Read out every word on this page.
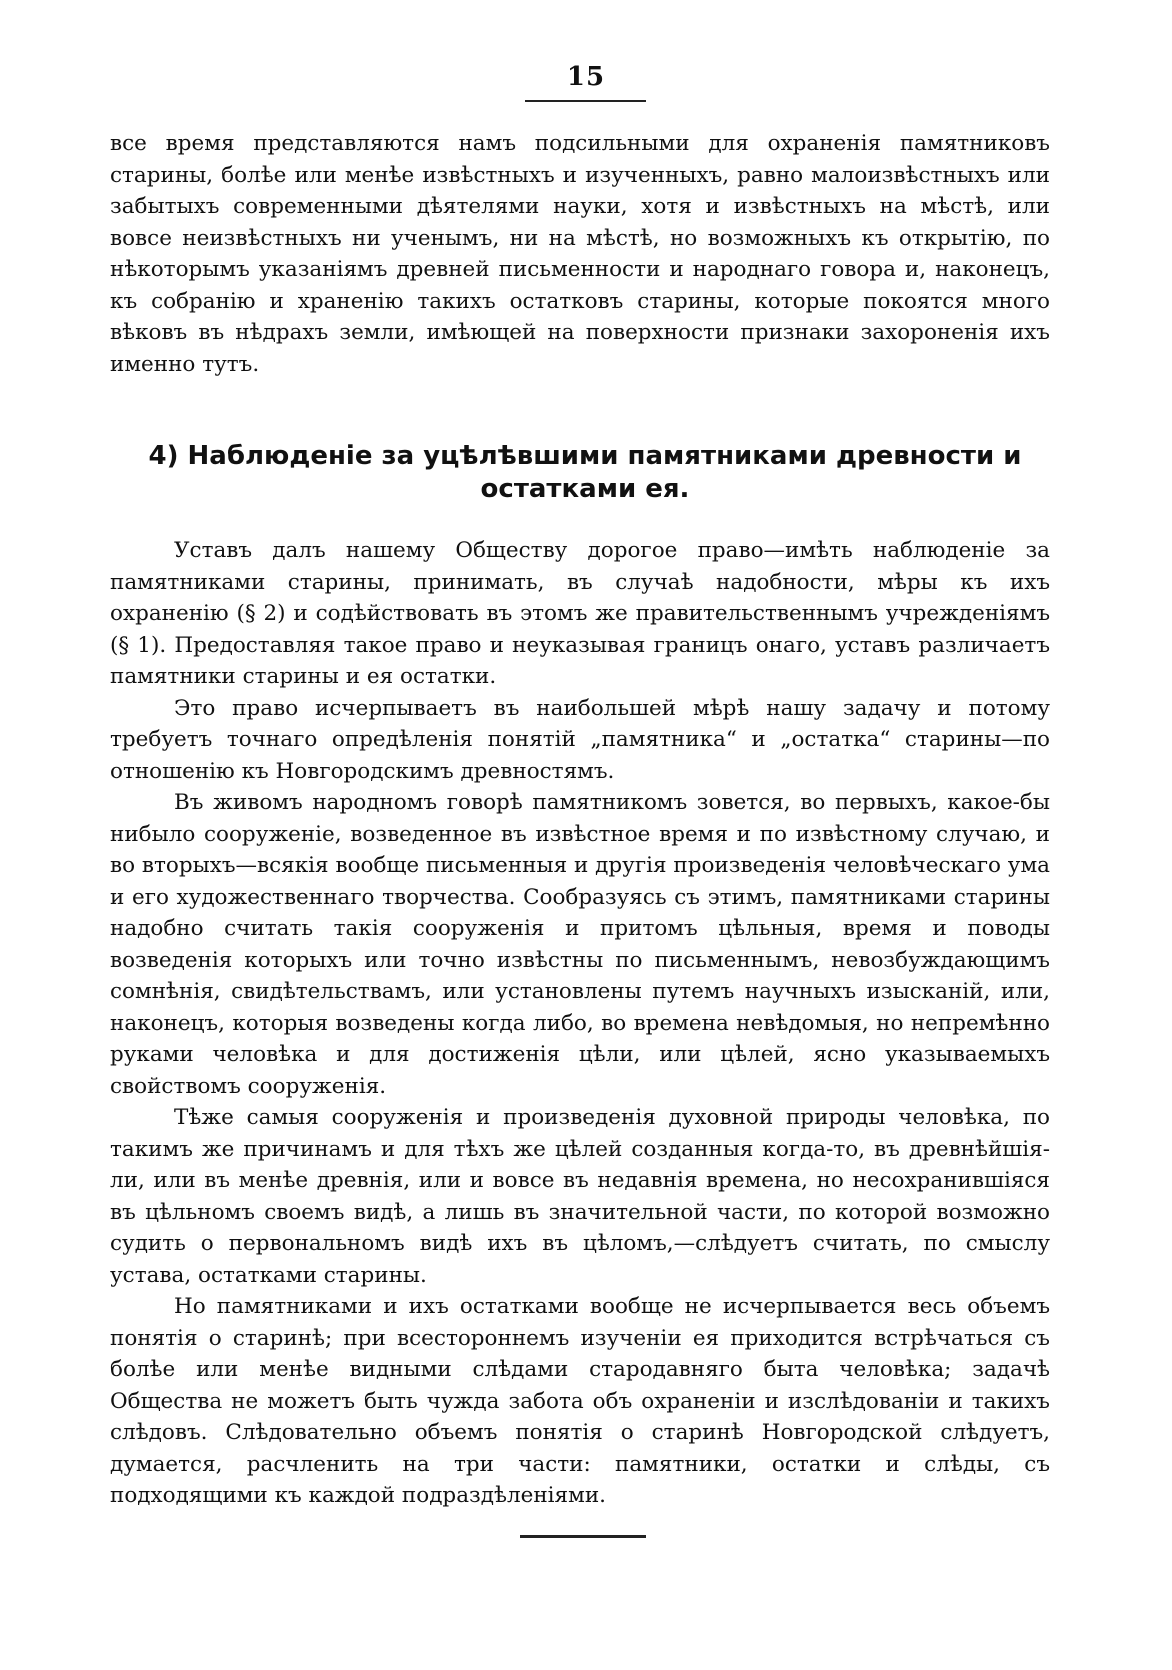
15

все время представляются намъ подсильными для охраненія памятниковъ старины, болѣе или менѣе извѣстныхъ и изученныхъ, равно малоизвѣстныхъ или забытыхъ современными дѣятелями науки, хотя и извѣстныхъ на мѣстѣ, или вовсе неизвѣстныхъ ни ученымъ, ни на мѣстѣ, но возможныхъ къ открытію, по нѣкоторымъ указаніямъ древней письменности и народнаго говора и, наконецъ, къ собранію и храненію такихъ остатковъ старины, которые покоятся много вѣковъ въ нѣдрахъ земли, имѣющей на поверхности признаки захороненія ихъ именно тутъ.

4) Наблюденіе за уцѣлѣвшими памятниками древности и
остатками ея.

Уставъ далъ нашему Обществу дорогое право—имѣть наблюденіе за памятниками старины, принимать, въ случаѣ надобности, мѣры къ ихъ охраненію (§ 2) и содѣйствовать въ этомъ же правительственнымъ учрежденіямъ (§ 1). Предоставляя такое право и неуказывая границъ онаго, уставъ различаетъ памятники старины и ея остатки.

Это право исчерпываетъ въ наибольшей мѣрѣ нашу задачу и потому требуетъ точнаго опредѣленія понятій „памятника“ и „остатка“ старины—по отношенію къ Новгородскимъ древностямъ.

Въ живомъ народномъ говорѣ памятникомъ зовется, во первыхъ, какое-бы нибыло сооруженіе, возведенное въ извѣстное время и по извѣстному случаю, и во вторыхъ—всякія вообще письменныя и другія произведенія человѣческаго ума и его художественнаго творчества. Сообразуясь съ этимъ, памятниками старины надобно считать такія сооруженія и притомъ цѣльныя, время и поводы возведенія которыхъ или точно извѣстны по письменнымъ, невозбуждающимъ сомнѣнія, свидѣтельствамъ, или установлены путемъ научныхъ изысканій, или, наконецъ, которыя возведены когда либо, во времена невѣдомыя, но непремѣнно руками человѣка и для достиженія цѣли, или цѣлей, ясно указываемыхъ свойствомъ сооруженія.

Тѣже самыя сооруженія и произведенія духовной природы человѣка, по такимъ же причинамъ и для тѣхъ же цѣлей созданныя когда-то, въ древнѣйшія-ли, или въ менѣе древнія, или и вовсе въ недавнія времена, но несохранившіяся въ цѣльномъ своемъ видѣ, а лишь въ значительной части, по которой возможно судить о первональномъ видѣ ихъ въ цѣломъ,—слѣдуетъ считать, по смыслу устава, остатками старины.

Но памятниками и ихъ остатками вообще не исчерпывается весь объемъ понятія о старинѣ; при всестороннемъ изученіи ея приходится встрѣчаться съ болѣе или менѣе видными слѣдами стародавняго быта человѣка; задачѣ Общества не можетъ быть чужда забота объ охраненіи и изслѣдованіи и такихъ слѣдовъ. Слѣдовательно объемъ понятія о старинѣ Новгородской слѣдуетъ, думается, расчленить на три части: памятники, остатки и слѣды, съ подходящими къ каждой подраздѣленіями.
